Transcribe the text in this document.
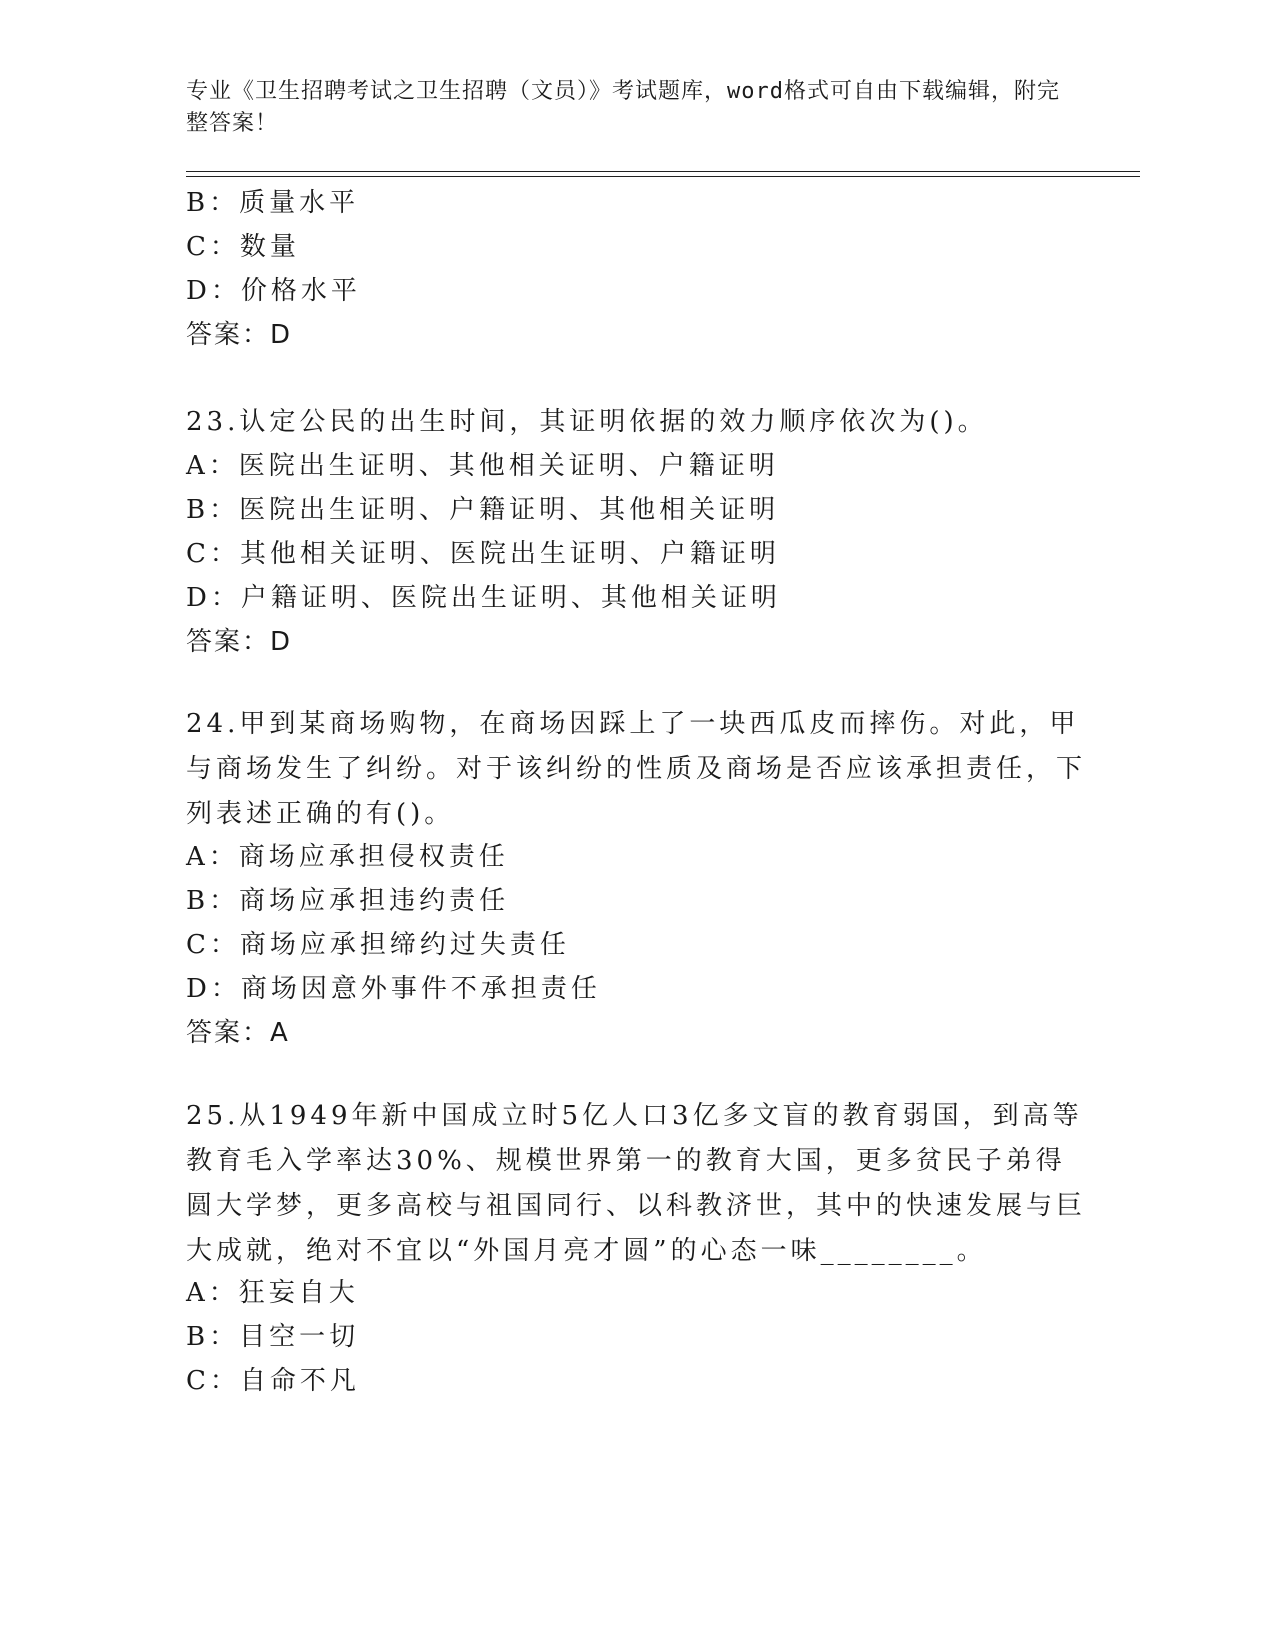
专业《卫生招聘考试之卫生招聘（文员）》考试题库，word格式可自由下载编辑，附完整答案！
B：质量水平
C：数量
D：价格水平
答案：D
23.认定公民的出生时间，其证明依据的效力顺序依次为()。
A：医院出生证明、其他相关证明、户籍证明
B：医院出生证明、户籍证明、其他相关证明
C：其他相关证明、医院出生证明、户籍证明
D：户籍证明、医院出生证明、其他相关证明
答案：D
24.甲到某商场购物，在商场因踩上了一块西瓜皮而摔伤。对此，甲与商场发生了纠纷。对于该纠纷的性质及商场是否应该承担责任，下列表述正确的有()。
A：商场应承担侵权责任
B：商场应承担违约责任
C：商场应承担缔约过失责任
D：商场因意外事件不承担责任
答案：A
25.从1949年新中国成立时5亿人口3亿多文盲的教育弱国，到高等教育毛入学率达30%、规模世界第一的教育大国，更多贫民子弟得圆大学梦，更多高校与祖国同行、以科教济世，其中的快速发展与巨大成就，绝对不宜以“外国月亮才圆”的心态一味________。
A：狂妄自大
B：目空一切
C：自命不凡
